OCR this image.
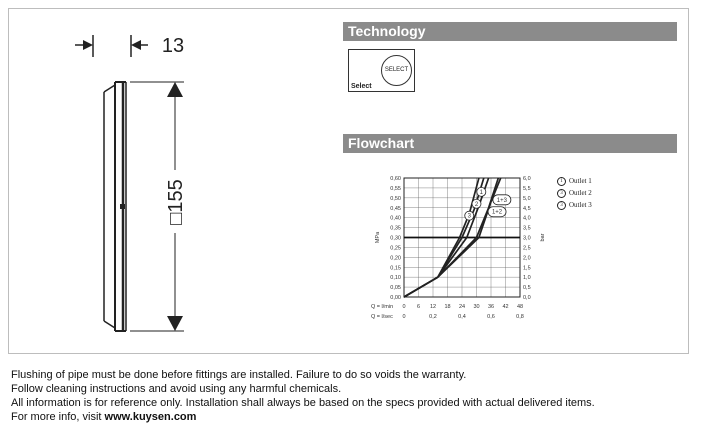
13
□155
Technology
SELECT
Select
Flowchart
0,00	0,0
0,05	0,5
0,10	1,0
0,15	1,5
0,20	2,0
0,25	2,5
0,30	3,0
0,35	3,5
0,40	4,0
0,45	4,5
0,50	5,0
0,55	5,5
0,60	6,0
0 6 12 18 24 30 36 42 48
0	0,2	0,4	0,6	0,8
Q = l/min
Q = l/sec
MPa	bar
1
2
3
1+3
1+2
1 Outlet 1
3 Outlet 2
3 Outlet 3
Flushing of pipe must be done before fittings are installed. Failure to do so voids the warranty.
Follow cleaning instructions and avoid using any harmful chemicals.
All information is for reference only. Installation shall always be based on the specs provided with actual delivered items.
For more info, visit www.kuysen.com
